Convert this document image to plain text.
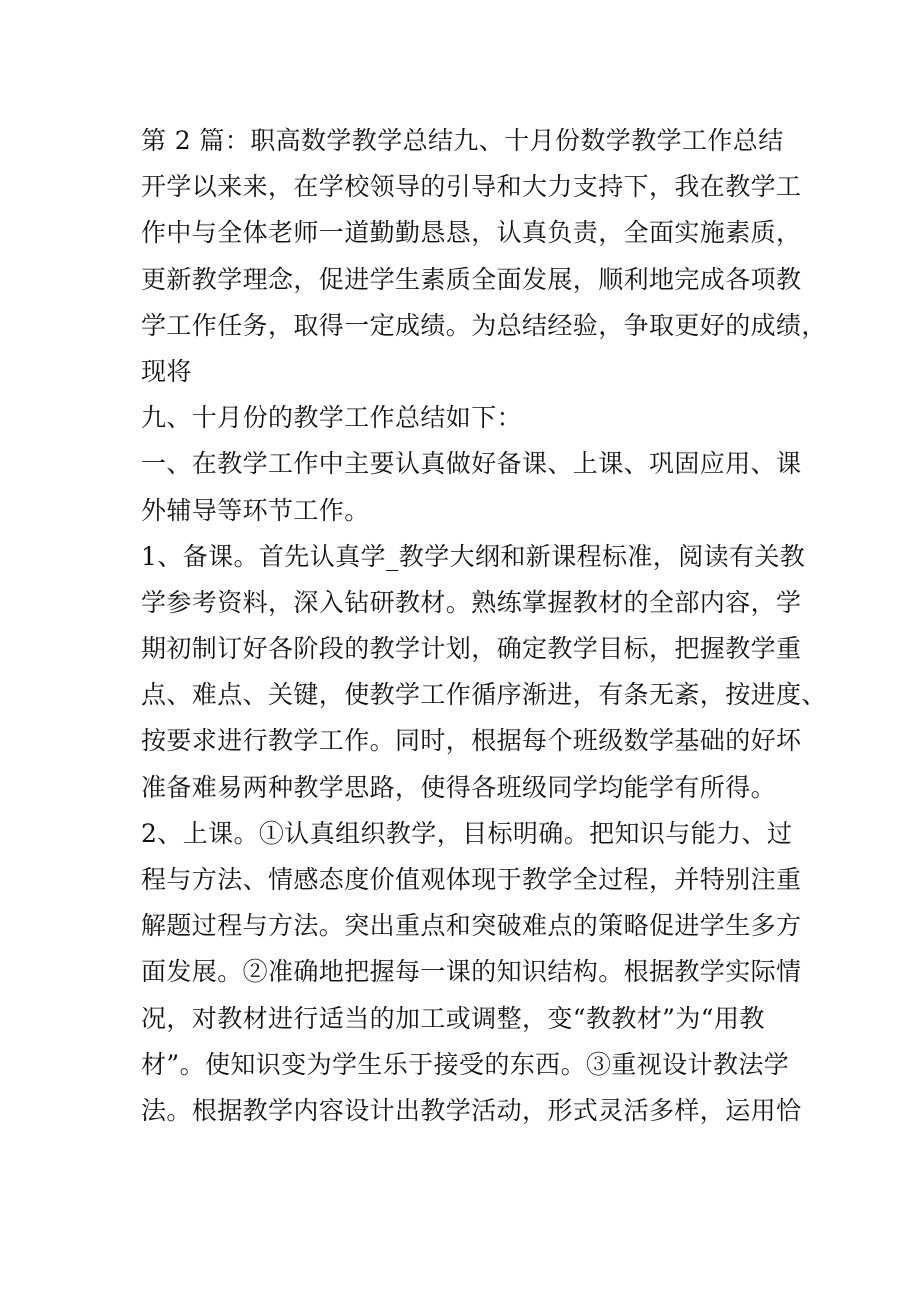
第 2 篇：职高数学教学总结九、十月份数学教学工作总结
开学以来来，在学校领导的引导和大力支持下，我在教学工
作中与全体老师一道勤勤恳恳，认真负责，全面实施素质，
更新教学理念，促进学生素质全面发展，顺利地完成各项教
学工作任务，取得一定成绩。为总结经验，争取更好的成绩，
现将
九、十月份的教学工作总结如下：
一、在教学工作中主要认真做好备课、上课、巩固应用、课
外辅导等环节工作。
1、备课。首先认真学_教学大纲和新课程标准，阅读有关教
学参考资料，深入钻研教材。熟练掌握教材的全部内容，学
期初制订好各阶段的教学计划，确定教学目标，把握教学重
点、难点、关键，使教学工作循序渐进，有条无紊，按进度、
按要求进行教学工作。同时，根据每个班级数学基础的好坏
准备难易两种教学思路，使得各班级同学均能学有所得。
2、上课。①认真组织教学，目标明确。把知识与能力、过
程与方法、情感态度价值观体现于教学全过程，并特别注重
解题过程与方法。突出重点和突破难点的策略促进学生多方
面发展。②准确地把握每一课的知识结构。根据教学实际情
况，对教材进行适当的加工或调整，变“教教材”为“用教
材”。使知识变为学生乐于接受的东西。③重视设计教法学
法。根据教学内容设计出教学活动，形式灵活多样，运用恰
